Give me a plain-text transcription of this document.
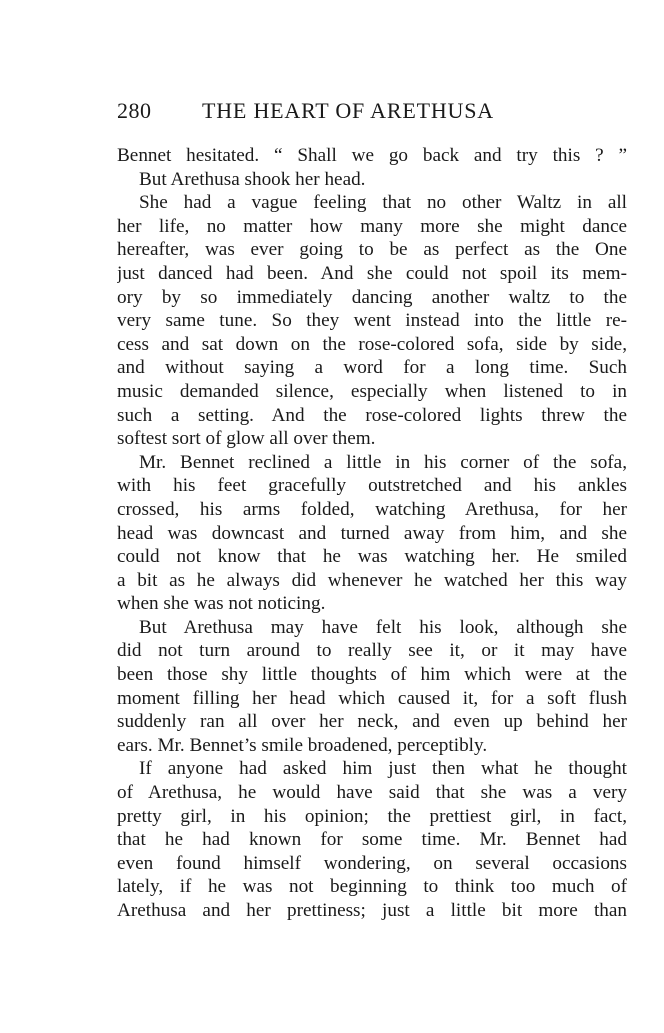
280 THE HEART OF ARETHUSA
Bennet hesitated. “ Shall we go back and try this ? ”
But Arethusa shook her head.
She had a vague feeling that no other Waltz in all
her life, no matter how many more she might dance
hereafter, was ever going to be as perfect as the One
just danced had been. And she could not spoil its mem-
ory by so immediately dancing another waltz to the
very same tune. So they went instead into the little re-
cess and sat down on the rose-colored sofa, side by side,
and without saying a word for a long time. Such
music demanded silence, especially when listened to in
such a setting. And the rose-colored lights threw the
softest sort of glow all over them.
Mr. Bennet reclined a little in his corner of the sofa,
with his feet gracefully outstretched and his ankles
crossed, his arms folded, watching Arethusa, for her
head was downcast and turned away from him, and she
could not know that he was watching her. He smiled
a bit as he always did whenever he watched her this way
when she was not noticing.
But Arethusa may have felt his look, although she
did not turn around to really see it, or it may have
been those shy little thoughts of him which were at the
moment filling her head which caused it, for a soft flush
suddenly ran all over her neck, and even up behind her
ears. Mr. Bennet’s smile broadened, perceptibly.
If anyone had asked him just then what he thought
of Arethusa, he would have said that she was a very
pretty girl, in his opinion; the prettiest girl, in fact,
that he had known for some time. Mr. Bennet had
even found himself wondering, on several occasions
lately, if he was not beginning to think too much of
Arethusa and her prettiness; just a little bit more than
